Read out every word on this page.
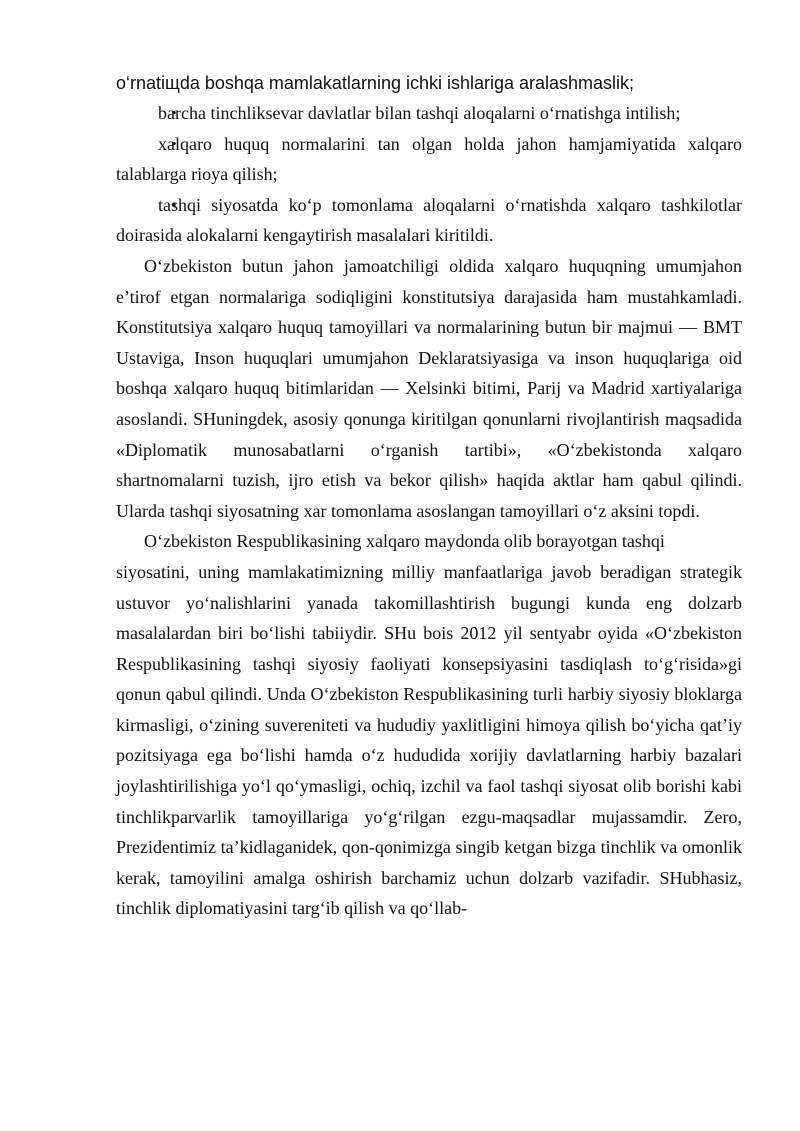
o‘rnatiщda boshqa mamlakatlarning ichki ishlariga aralashmaslik;

• barcha tinchliksevar davlatlar bilan tashqi aloqalarni o‘rnatishga intilish;

• xalqaro huquq normalarini tan olgan holda jahon hamjamiyatida xalqaro talablarga rioya qilish;

• tashqi siyosatda ko‘p tomonlama aloqalarni o‘rnatishda xalqaro tashkilotlar doirasida alokalarni kengaytirish masalalari kiritildi.

O‘zbekiston butun jahon jamoatchiligi oldida xalqaro huquqning umumjahon e’tirof etgan normalariga sodiqligini konstitutsiya darajasida ham mustahkamladi. Konstitutsiya xalqaro huquq tamoyillari va normalarining butun bir majmui — BMT Ustaviga, Inson huquqlari umumjahon Deklaratsiyasiga va inson huquqlariga oid boshqa xalqaro huquq bitimlaridan — Xelsinki bitimi, Parij va Madrid xartiyalariga asoslandi. SHuningdek, asosiy qonunga kiritilgan qonunlarni rivojlantirish maqsadida «Diplomatik munosabatlarni o‘rganish tartibi», «O‘zbekistonda xalqaro shartnomalarni tuzish, ijro etish va bekor qilish» haqida aktlar ham qabul qilindi. Ularda tashqi siyosatning xar tomonlama asoslangan tamoyillari o‘z aksini topdi.

O‘zbekiston Respublikasining xalqaro maydonda olib borayotgan tashqi

siyosatini, uning mamlakatimizning milliy manfaatlariga javob beradigan strategik ustuvor yo‘nalishlarini yanada takomillashtirish bugungi kunda eng dolzarb masalalardan biri bo‘lishi tabiiydir. SHu bois 2012 yil sentyabr oyida «O‘zbekiston Respublikasining tashqi siyosiy faoliyati konsepsiyasini tasdiqlash to‘g‘risida»gi qonun qabul qilindi. Unda O‘zbekiston Respublikasining turli harbiy siyosiy bloklarga kirmasligi, o‘zining suvereniteti va hududiy yaxlitligini himoya qilish bo‘yicha qat’iy pozitsiyaga ega bo‘lishi hamda o‘z hududida xorijiy davlatlarning harbiy bazalari joylashtirilishiga yo‘l qo‘ymasligi, ochiq, izchil va faol tashqi siyosat olib borishi kabi tinchlikparvarlik tamoyillariga yo‘g‘rilgan ezgu-maqsadlar mujassamdir. Zero, Prezidentimiz ta’kidlaganidek, qon-qonimizga singib ketgan bizga tinchlik va omonlik kerak, tamoyilini amalga oshirish barchamiz uchun dolzarb vazifadir. SHubhasiz, tinchlik diplomatiyasini targ‘ib qilish va qo‘llab-
